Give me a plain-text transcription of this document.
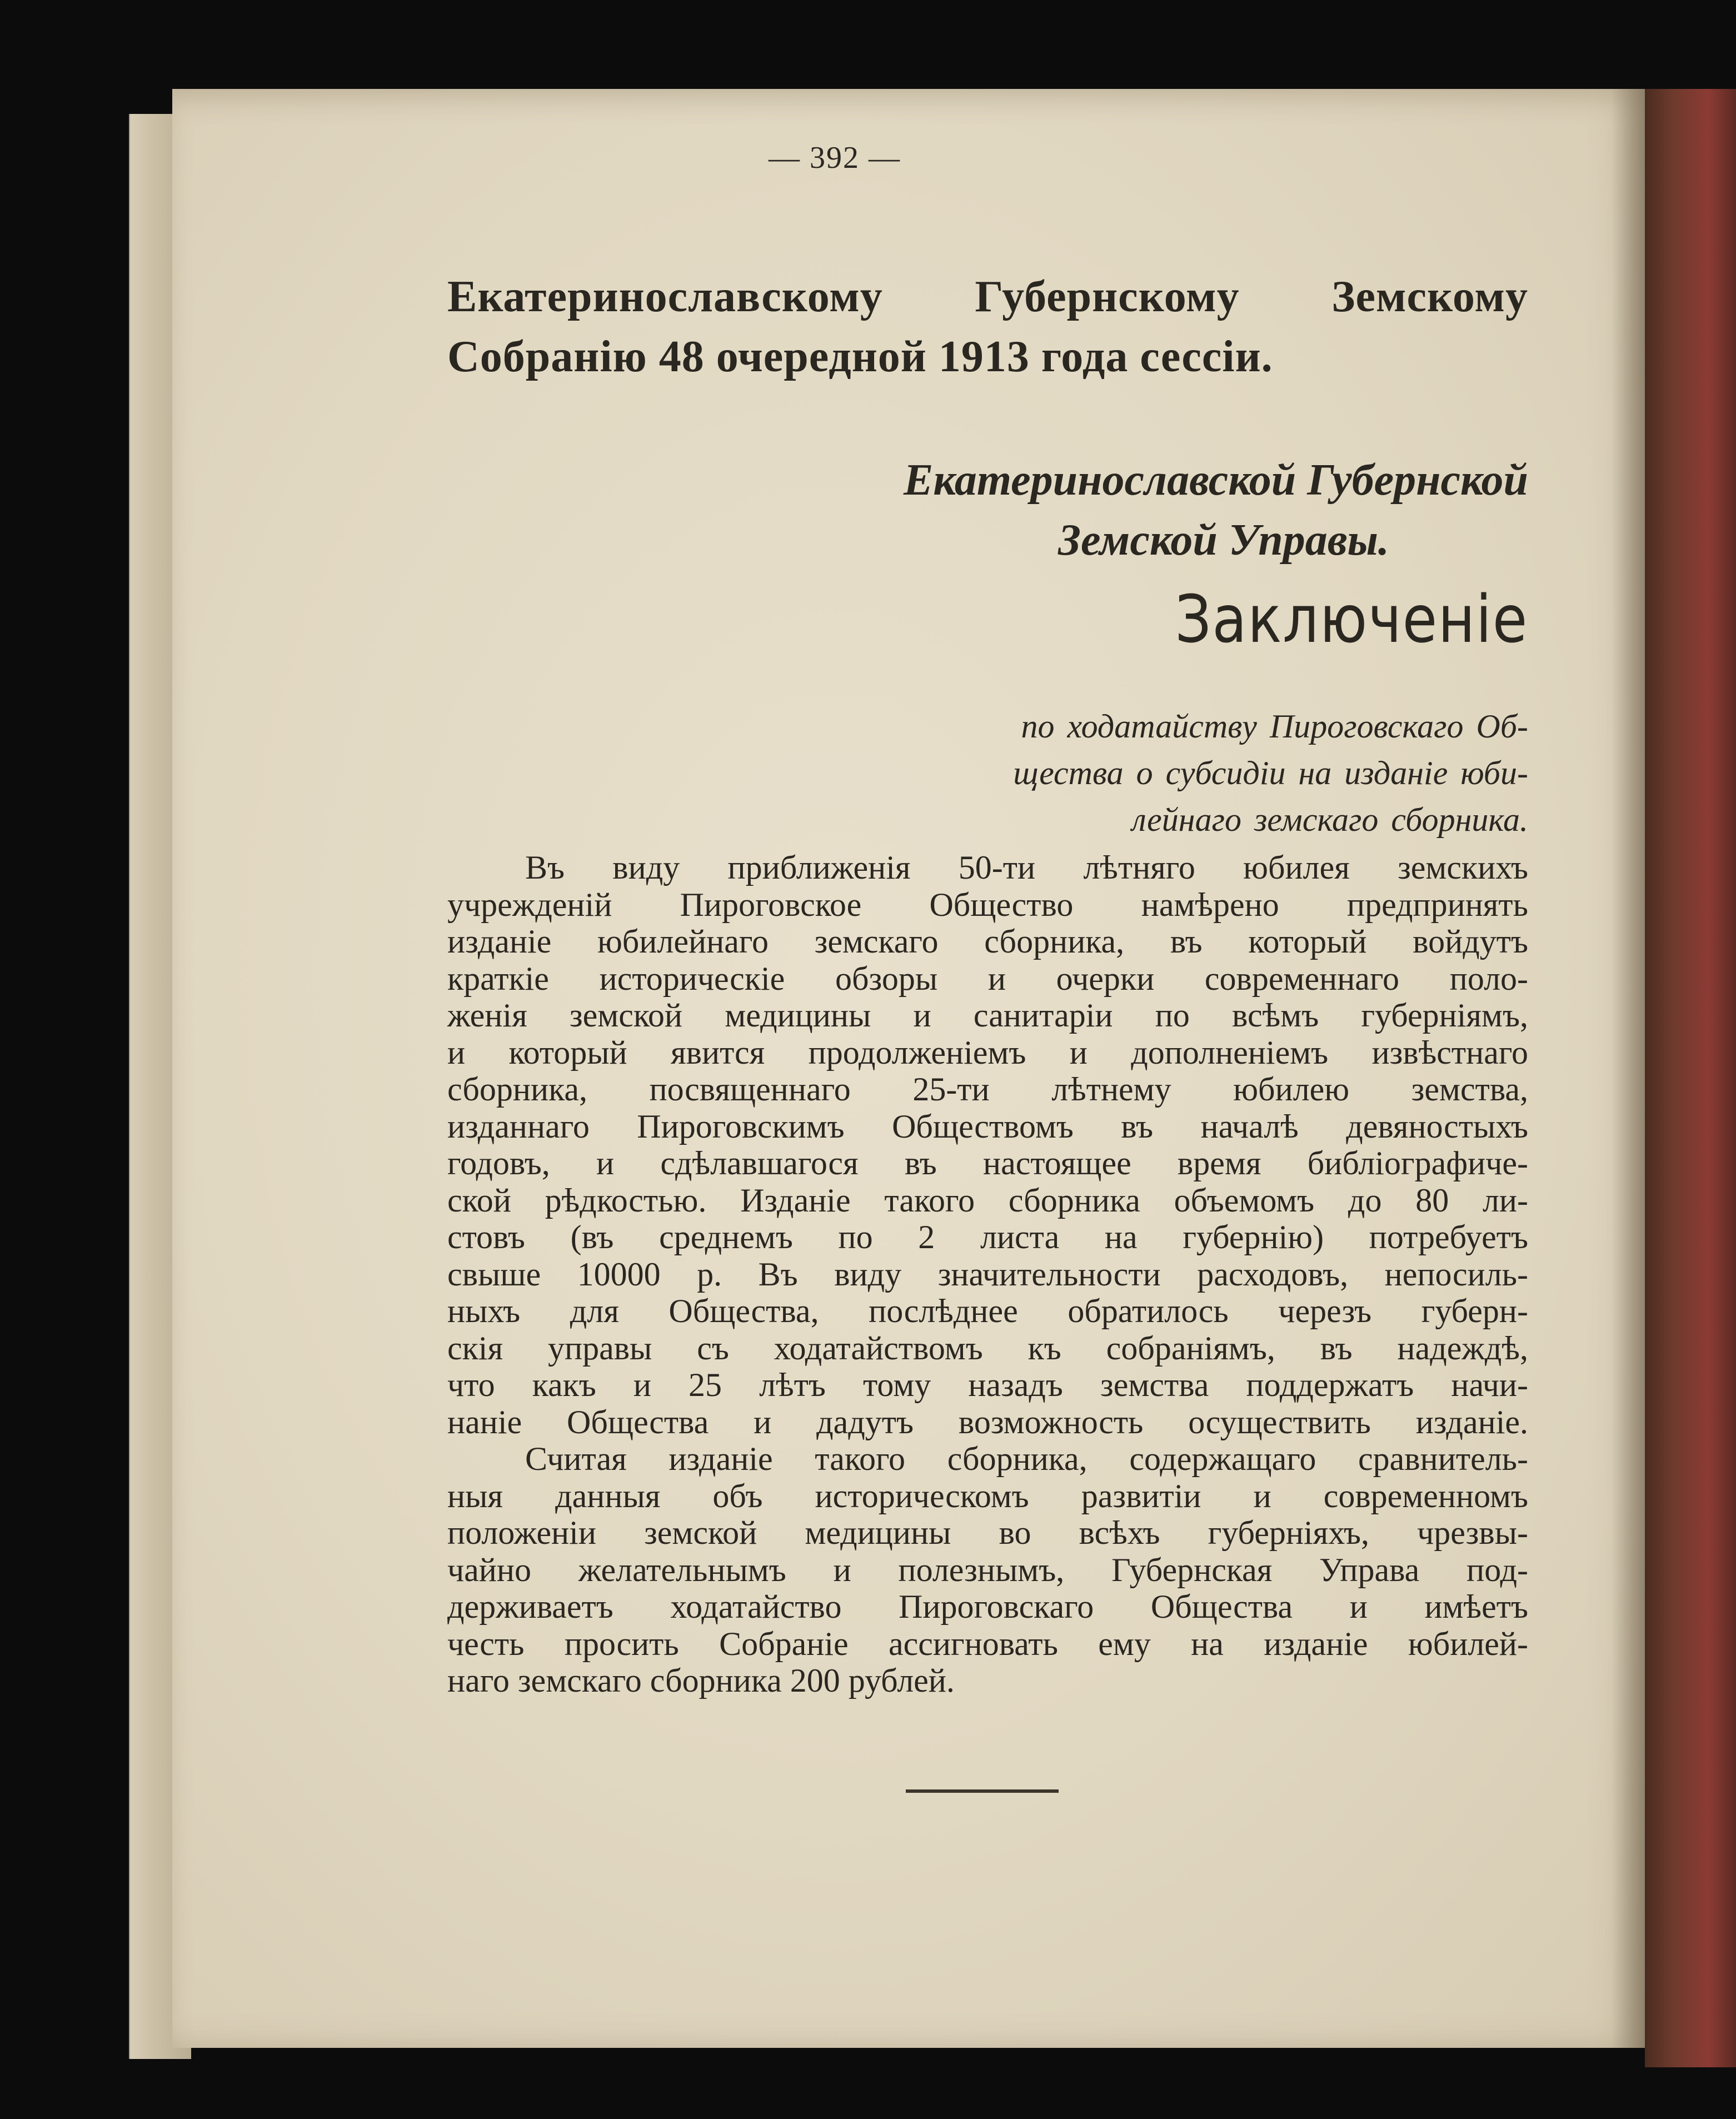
— 392 —
Екатеринославскому Губернскому Земскому
Собранію 48 очередной 1913 года сессіи.
Екатеринославской Губернской
Земской Управы.
Заключеніе
по ходатайству Пироговскаго Об-
щества о субсидіи на изданіе юби-
лейнаго земскаго сборника.
Въ виду приближенія 50-ти лѣтняго юбилея земскихъ
учрежденій Пироговское Общество намѣрено предпринять
изданіе юбилейнаго земскаго сборника, въ который войдутъ
краткіе историческіе обзоры и очерки современнаго поло-
женія земской медицины и санитаріи по всѣмъ губерніямъ,
и который явится продолженіемъ и дополненіемъ извѣстнаго
сборника, посвященнаго 25-ти лѣтнему юбилею земства,
изданнаго Пироговскимъ Обществомъ въ началѣ девяностыхъ
годовъ, и сдѣлавшагося въ настоящее время библіографиче-
ской рѣдкостью. Изданіе такого сборника объемомъ до 80 ли-
стовъ (въ среднемъ по 2 листа на губернію) потребуетъ
свыше 10000 р. Въ виду значительности расходовъ, непосиль-
ныхъ для Общества, послѣднее обратилось черезъ губерн-
скія управы съ ходатайствомъ къ собраніямъ, въ надеждѣ,
что какъ и 25 лѣтъ тому назадъ земства поддержатъ начи-
наніе Общества и дадутъ возможность осуществить изданіе.
Считая изданіе такого сборника, содержащаго сравнитель-
ныя данныя объ историческомъ развитіи и современномъ
положеніи земской медицины во всѣхъ губерніяхъ, чрезвы-
чайно желательнымъ и полезнымъ, Губернская Управа под-
держиваетъ ходатайство Пироговскаго Общества и имѣетъ
честь просить Собраніе ассигновать ему на изданіе юбилей-
наго земскаго сборника 200 рублей.
